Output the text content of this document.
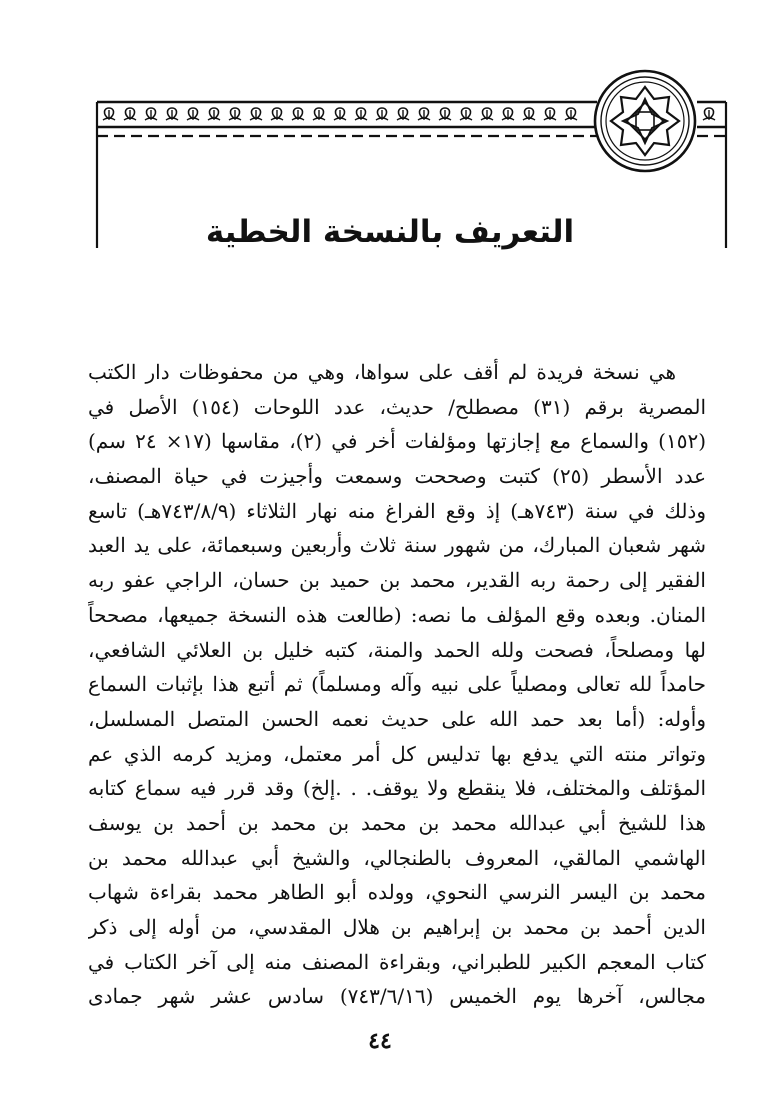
التعريف بالنسخة الخطية
هي نسخة فريدة لم أقف على سواها، وهي من محفوظات دار الكتب
المصرية برقم (٣١) مصطلح/ حديث، عدد اللوحات (١٥٤) الأصل في
(١٥٢) والسماع مع إجازتها ومؤلفات أخر في (٢)، مقاسها (١٧× ٢٤ سم)
عدد الأسطر (٢٥) كتبت وصححت وسمعت وأجيزت في حياة المصنف،
وذلك في سنة (٧٤٣هـ) إذ وقع الفراغ منه نهار الثلاثاء (٧٤٣/٨/٩هـ) تاسع
شهر شعبان المبارك، من شهور سنة ثلاث وأربعين وسبعمائة، على يد العبد
الفقير إلى رحمة ربه القدير، محمد بن حميد بن حسان، الراجي عفو ربه
المنان. وبعده وقع المؤلف ما نصه: (طالعت هذه النسخة جميعها، مصححاً
لها ومصلحاً، فصحت ولله الحمد والمنة، كتبه خليل بن العلائي الشافعي،
حامداً لله تعالى ومصلياً على نبيه وآله ومسلماً) ثم أتبع هذا بإثبات السماع
وأوله: (أما بعد حمد الله على حديث نعمه الحسن المتصل المسلسل،
وتواتر منته التي يدفع بها تدليس كل أمر معتمل، ومزيد كرمه الذي عم
المؤتلف والمختلف، فلا ينقطع ولا يوقف. . .إلخ) وقد قرر فيه سماع كتابه
هذا للشيخ أبي عبدالله محمد بن محمد بن محمد بن أحمد بن يوسف
الهاشمي المالقي، المعروف بالطنجالي، والشيخ أبي عبدالله محمد بن
محمد بن اليسر النرسي النحوي، وولده أبو الطاهر محمد بقراءة شهاب
الدين أحمد بن محمد بن إبراهيم بن هلال المقدسي، من أوله إلى ذكر
كتاب المعجم الكبير للطبراني، وبقراءة المصنف منه إلى آخر الكتاب في
مجالس، آخرها يوم الخميس (٧٤٣/٦/١٦) سادس عشر شهر جمادى
٤٤
